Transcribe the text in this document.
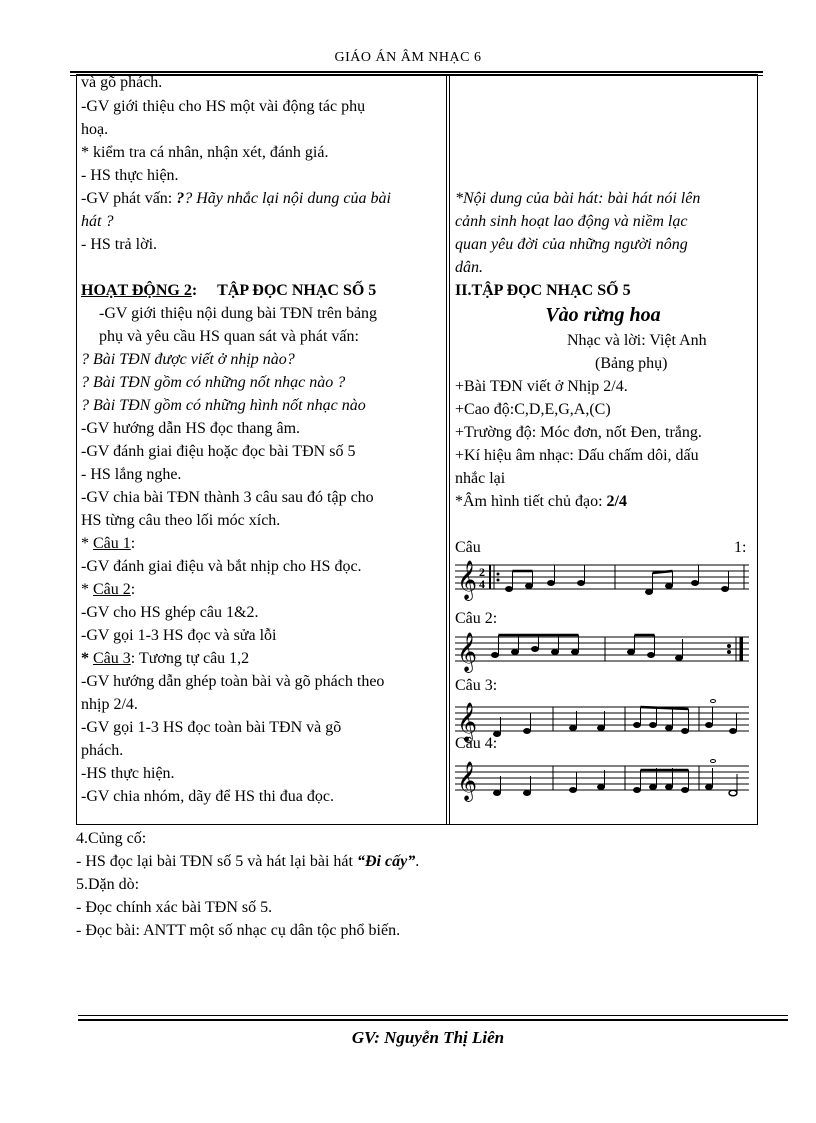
GIÁO ÁN ÂM NHẠC 6
và gõ phách.
-GV giới thiệu cho HS một vài động tác phụ
hoạ.
* kiểm tra cá nhân, nhận xét, đánh giá.
- HS thực hiện.
-GV phát vấn: ?? Hãy nhắc lại nội dung của bài
hát ?
- HS trả lời.
HOẠT ĐỘNG 2: TẬP ĐỌC NHẠC SỐ 5
-GV giới thiệu nội dung bài TĐN trên bảng
phụ và yêu cầu HS quan sát và phát vấn:
? Bài TĐN được viết ở nhịp nào?
? Bài TĐN gồm có những nốt nhạc nào ?
? Bài TĐN gồm có những hình nốt nhạc nào
-GV hướng dẫn HS đọc thang âm.
-GV đánh giai điệu hoặc đọc bài TĐN số 5
- HS lắng nghe.
-GV chia bài TĐN thành 3 câu sau đó tập cho
HS từng câu theo lối móc xích.
* Câu 1:
-GV đánh giai điệu và bắt nhịp cho HS đọc.
* Câu 2:
-GV cho HS ghép câu 1&2.
-GV gọi 1-3 HS đọc và sửa lỗi
* Câu 3: Tương tự câu 1,2
-GV hướng dẫn ghép toàn bài và gõ phách theo
nhịp 2/4.
-GV gọi 1-3 HS đọc toàn bài TĐN và gõ
phách.
-HS thực hiện.
-GV chia nhóm, dãy để HS thi đua đọc.
*Nội dung của bài hát: bài hát nói lên
cảnh sinh hoạt lao động và niềm lạc
quan yêu đời của những người nông
dân.
II.TẬP ĐỌC NHẠC SỐ 5
Vào rừng hoa
Nhạc và lời: Việt Anh
(Bảng phụ)
+Bài TĐN viết ở Nhịp 2/4.
+Cao độ:C,D,E,G,A,(C)
+Trường độ: Móc đơn, nốt Đen, trắng.
+Kí hiệu âm nhạc: Dấu chấm dôi, dấu
nhắc lại
*Âm hình tiết chủ đạo: 2/4
Câu	1:
𝄞 2
4
Câu 2:
𝄞
Câu 3:
𝄞
Câu 4:
𝄞
4.Củng cố:
- HS đọc lại bài TĐN số 5 và hát lại bài hát “Đi cấy”.
5.Dặn dò:
- Đọc chính xác bài TĐN số 5.
- Đọc bài: ANTT một số nhạc cụ dân tộc phổ biến.
GV: Nguyễn Thị Liên
